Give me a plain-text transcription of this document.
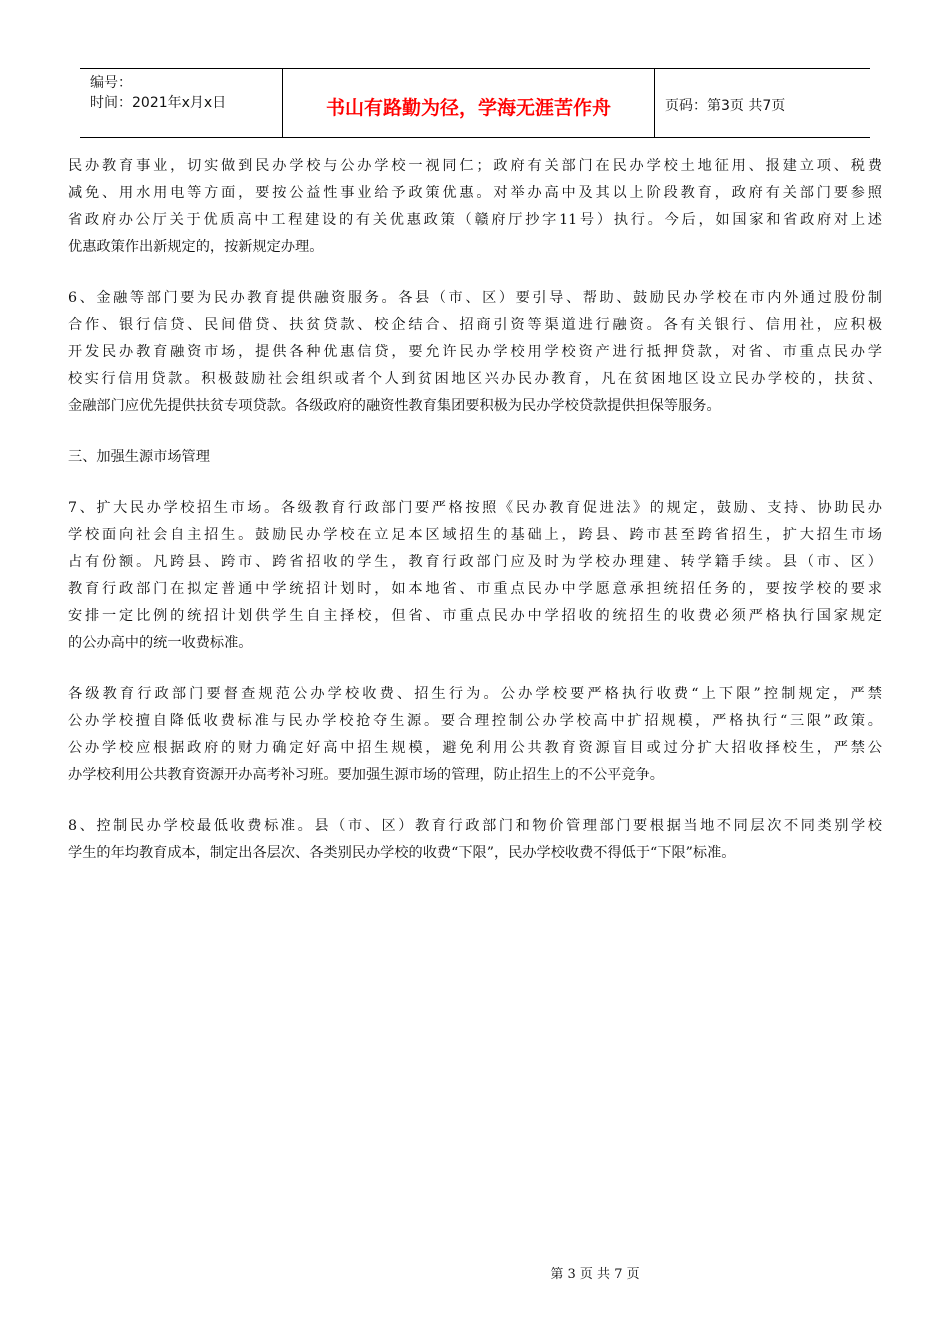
编号：
时间：2021年x月x日	书山有路勤为径，学海无涯苦作舟	页码：第3页 共7页
民办教育事业，切实做到民办学校与公办学校一视同仁；政府有关部门在民办学校土地征用、报建立项、税费
减免、用水用电等方面，要按公益性事业给予政策优惠。对举办高中及其以上阶段教育，政府有关部门要参照
省政府办公厅关于优质高中工程建设的有关优惠政策（赣府厅抄字11号）执行。今后，如国家和省政府对上述
优惠政策作出新规定的，按新规定办理。
6、金融等部门要为民办教育提供融资服务。各县（市、区）要引导、帮助、鼓励民办学校在市内外通过股份制
合作、银行信贷、民间借贷、扶贫贷款、校企结合、招商引资等渠道进行融资。各有关银行、信用社，应积极
开发民办教育融资市场，提供各种优惠信贷，要允许民办学校用学校资产进行抵押贷款，对省、市重点民办学
校实行信用贷款。积极鼓励社会组织或者个人到贫困地区兴办民办教育，凡在贫困地区设立民办学校的，扶贫、
金融部门应优先提供扶贫专项贷款。各级政府的融资性教育集团要积极为民办学校贷款提供担保等服务。
三、加强生源市场管理
7、扩大民办学校招生市场。各级教育行政部门要严格按照《民办教育促进法》的规定，鼓励、支持、协助民办
学校面向社会自主招生。鼓励民办学校在立足本区域招生的基础上，跨县、跨市甚至跨省招生，扩大招生市场
占有份额。凡跨县、跨市、跨省招收的学生，教育行政部门应及时为学校办理建、转学籍手续。县（市、区）
教育行政部门在拟定普通中学统招计划时，如本地省、市重点民办中学愿意承担统招任务的，要按学校的要求
安排一定比例的统招计划供学生自主择校，但省、市重点民办中学招收的统招生的收费必须严格执行国家规定
的公办高中的统一收费标准。
各级教育行政部门要督查规范公办学校收费、招生行为。公办学校要严格执行收费“上下限”控制规定，严禁
公办学校擅自降低收费标准与民办学校抢夺生源。要合理控制公办学校高中扩招规模，严格执行“三限”政策。
公办学校应根据政府的财力确定好高中招生规模，避免利用公共教育资源盲目或过分扩大招收择校生，严禁公
办学校利用公共教育资源开办高考补习班。要加强生源市场的管理，防止招生上的不公平竞争。
8、控制民办学校最低收费标准。县（市、区）教育行政部门和物价管理部门要根据当地不同层次不同类别学校
学生的年均教育成本，制定出各层次、各类别民办学校的收费“下限”，民办学校收费不得低于“下限”标准。
第 3 页 共 7 页
